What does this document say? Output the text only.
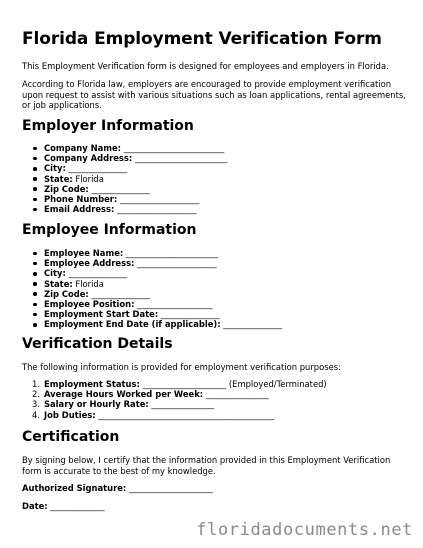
Florida Employment Verification Form

This Employment Verification form is designed for employees and employers in Florida.

According to Florida law, employers are encouraged to provide employment verification upon request to assist with various situations such as loan applications, rental agreements, or job applications.

Employer Information
Company Name: ________________________
Company Address: ______________________
City: ______________
State: Florida
Zip Code: ______________
Phone Number: ___________________
Email Address: ___________________
Employee Information
Employee Name: ______________________
Employee Address: ___________________
City: ______________
State: Florida
Zip Code: ______________
Employee Position: __________________
Employment Start Date: ______________
Employment End Date (if applicable): ______________
Verification Details

The following information is provided for employment verification purposes:

1. Employment Status: ____________________ (Employed/Terminated)
2. Average Hours Worked per Week: _______________
3. Salary or Hourly Rate: _______________
4. Job Duties: __________________________________________
Certification

By signing below, I certify that the information provided in this Employment Verification form is accurate to the best of my knowledge.

Authorized Signature: ____________________

Date: _____________

floridadocuments.net
